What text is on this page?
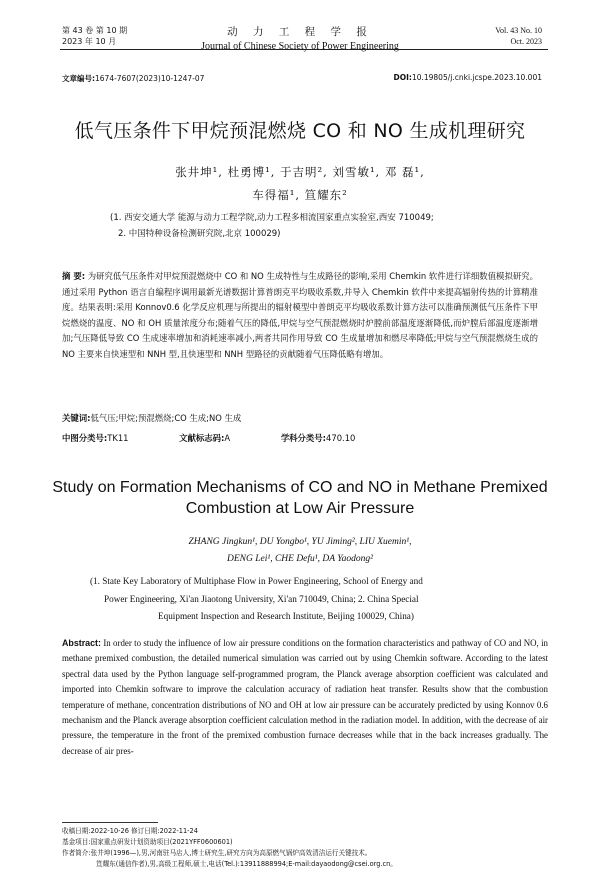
第 43 卷 第 10 期
2023 年 10 月
动 力 工 程 学 报
Journal of Chinese Society of Power Engineering
Vol. 43 No. 10
Oct. 2023
文章编号:1674-7607(2023)10-1247-07	DOI:10.19805/j.cnki.jcspe.2023.10.001
低气压条件下甲烷预混燃烧 CO 和 NO 生成机理研究
张井坤¹, 杜勇博¹, 于吉明², 刘雪敏¹, 邓 磊¹,
车得福¹, 笪耀东²
(1. 西安交通大学 能源与动力工程学院,动力工程多相流国家重点实验室,西安 710049;
2. 中国特种设备检测研究院,北京 100029)
摘 要: 为研究低气压条件对甲烷预混燃烧中 CO 和 NO 生成特性与生成路径的影响,采用 Chemkin 软件进行详细数值模拟研究。通过采用 Python 语言自编程序调用最新光谱数据计算普朗克平均吸收系数,并导入 Chemkin 软件中来提高辐射传热的计算精准度。结果表明:采用 Konnov0.6 化学反应机理与所提出的辐射模型中普朗克平均吸收系数计算方法可以准确预测低气压条件下甲烷燃烧的温度、NO 和 OH 质量浓度分布;随着气压的降低,甲烷与空气预混燃烧时炉膛前部温度逐渐降低,而炉膛后部温度逐渐增加;气压降低导致 CO 生成速率增加和消耗速率减小,两者共同作用导致 CO 生成量增加和燃尽率降低;甲烷与空气预混燃烧生成的 NO 主要来自快速型和 NNH 型,且快速型和 NNH 型路径的贡献随着气压降低略有增加。
关键词:低气压;甲烷;预混燃烧;CO 生成;NO 生成
中图分类号:TK11	文献标志码:A	学科分类号:470.10
Study on Formation Mechanisms of CO and NO in Methane Premixed
Combustion at Low Air Pressure
ZHANG Jingkun¹, DU Yongbo¹, YU Jiming², LIU Xuemin¹,
DENG Lei¹, CHE Defu¹, DA Yaodong²
(1. State Key Laboratory of Multiphase Flow in Power Engineering, School of Energy and
Power Engineering, Xi'an Jiaotong University, Xi'an 710049, China; 2. China Special
Equipment Inspection and Research Institute, Beijing 100029, China)
Abstract: In order to study the influence of low air pressure conditions on the formation characteristics and pathway of CO and NO, in methane premixed combustion, the detailed numerical simulation was carried out by using Chemkin software. According to the latest spectral data used by the Python language self-programmed program, the Planck average absorption coefficient was calculated and imported into Chemkin software to improve the calculation accuracy of radiation heat transfer. Results show that the combustion temperature of methane, concentration distributions of NO and OH at low air pressure can be accurately predicted by using Konnov 0.6 mechanism and the Planck average absorption coefficient calculation method in the radiation model. In addition, with the decrease of air pressure, the temperature in the front of the premixed combustion furnace decreases while that in the back increases gradually. The decrease of air pres-
收稿日期:2022-10-26 修订日期:2022-11-24
基金项目:国家重点研发计划资助项目(2021YFF0600601)
作者简介:张井坤(1996—),男,河南驻马店人,博士研究生,研究方向为高原燃气锅炉高效清洁运行关键技术。
笪耀东(通信作者),男,高级工程师,硕士,电话(Tel.):13911888994;E-mail:dayaodong@csei.org.cn。
